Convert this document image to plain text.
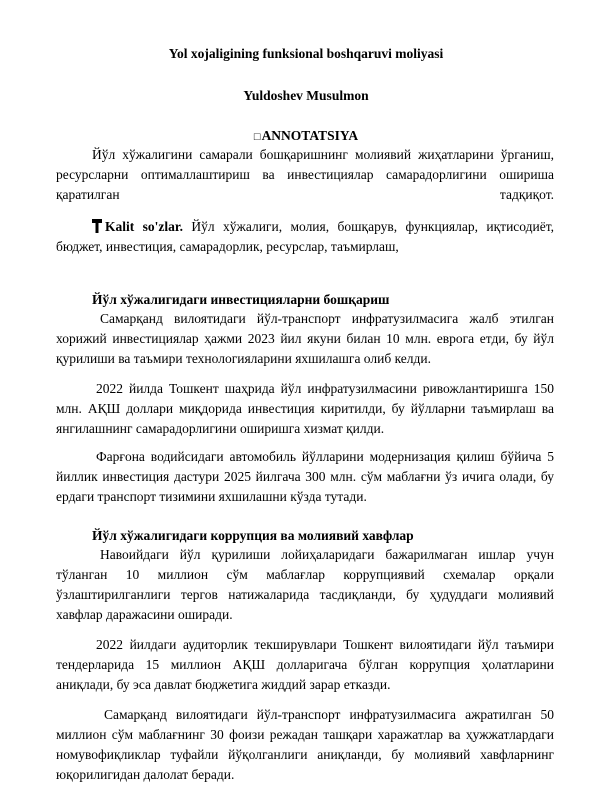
Yol xojaligining funksional boshqaruvi moliyasi
Yuldoshev Musulmon
□ANNOTATSIYA
Йўл хўжалигини самарали бошқаришнинг молиявий жиҳатларини ўрганиш,
ресурсларни оптималлаштириш ва инвестициялар самарадорлигини ошириша
қаратилган	тадқиқот.
Kalit so'zlar. Йўл хўжалиги, молия, бошқарув, функциялар, иқтисодиёт,
бюджет, инвестиция, самарадорлик, ресурслар, таъмирлаш,
Йўл хўжалигидаги инвестицияларни бошқариш
Самарқанд вилоятидаги йўл-транспорт инфратузилмасига жалб этилган
хорижий инвестициялар ҳажми 2023 йил якуни билан 10 млн. еврога етди, бу йўл
қурилиши ва таъмири технологияларини яхшилашга олиб келди.
2022 йилда Тошкент шаҳрида йўл инфратузилмасини ривожлантиришга 150
млн. АҚШ доллари миқдорида инвестиция киритилди, бу йўлларни таъмирлаш ва
янгилашнинг самарадорлигини оширишга хизмат қилди.
Фарғона водийсидаги автомобиль йўлларини модернизация қилиш бўйича 5
йиллик инвестиция дастури 2025 йилгача 300 млн. сўм маблағни ўз ичига олади, бу
ердаги транспорт тизимини яхшилашни кўзда тутади.
Йўл хўжалигидаги коррупция ва молиявий хавфлар
Навоийдаги йўл қурилиши лойиҳаларидаги бажарилмаган ишлар учун
тўланган 10 миллион сўм маблағлар коррупциявий схемалар орқали
ўзлаштирилганлиги тергов натижаларида тасдиқланди, бу ҳудуддаги молиявий
хавфлар даражасини оширади.
2022 йилдаги аудиторлик текширувлари Тошкент вилоятидаги йўл таъмири
тендерларида 15 миллион АҚШ долларигача бўлган коррупция ҳолатларини
аниқлади, бу эса давлат бюджетига жиддий зарар етказди.
Самарқанд вилоятидаги йўл-транспорт инфратузилмасига ажратилган 50
миллион сўм маблағнинг 30 фоизи режадан ташқари харажатлар ва ҳужжатлардаги
номувофиқликлар туфайли йўқолганлиги аниқланди, бу молиявий хавфларнинг
юқорилигидан далолат беради.
